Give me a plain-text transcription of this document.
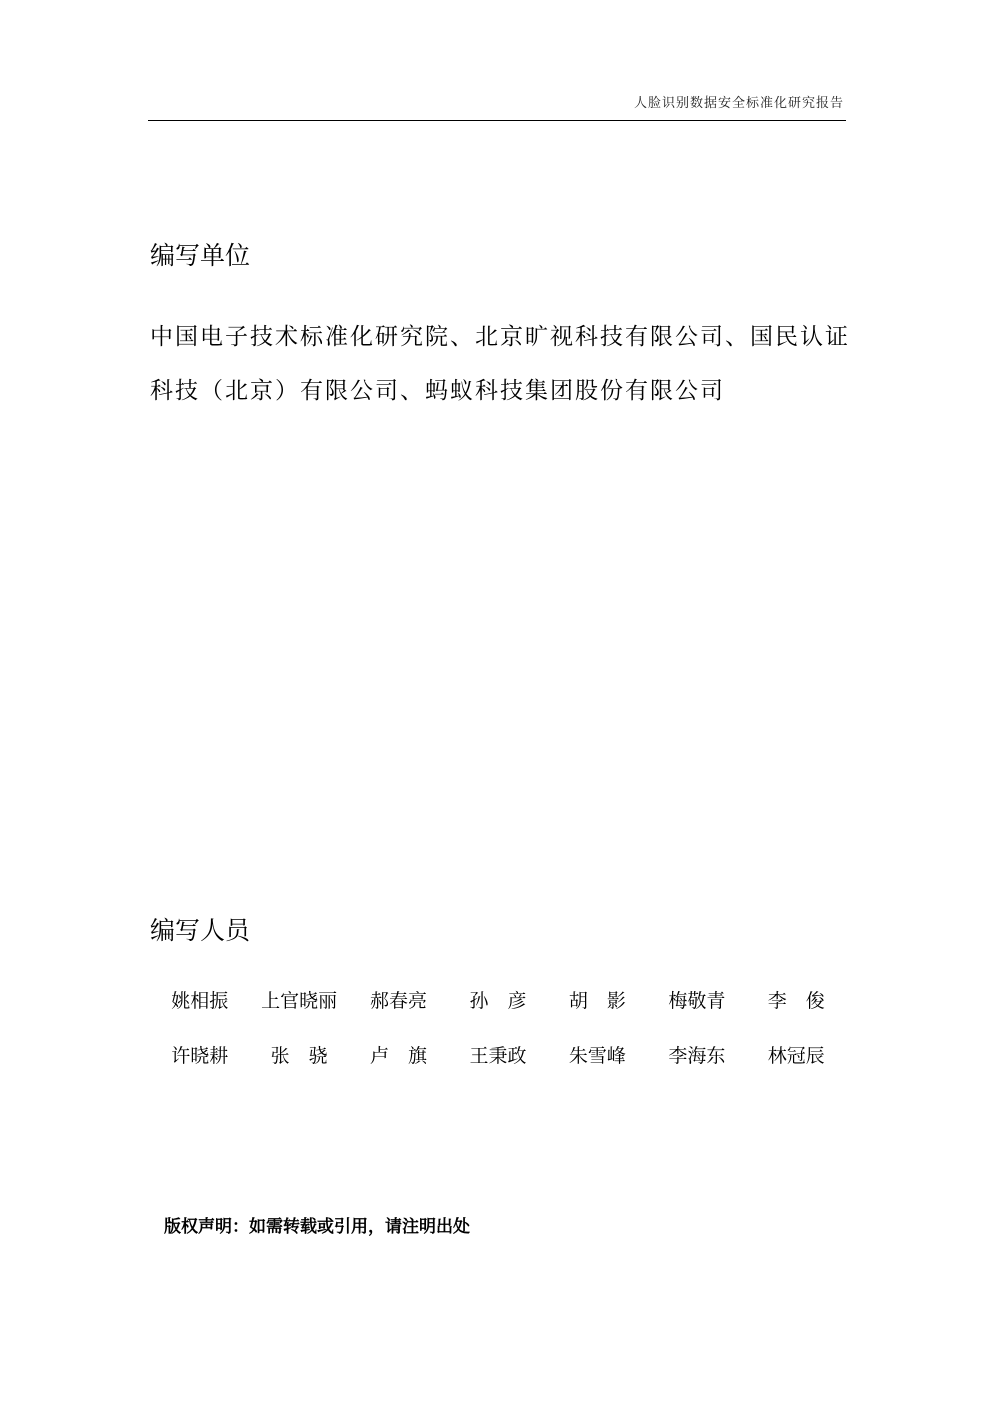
人脸识别数据安全标准化研究报告
编写单位
中国电子技术标准化研究院、北京旷视科技有限公司、国民认证科技（北京）有限公司、蚂蚁科技集团股份有限公司
编写人员
姚相振	上官晓丽	郝春亮	孙　彦	胡　影	梅敬青	李　俊
许晓耕	张　骁	卢　旗	王秉政	朱雪峰	李海东	林冠辰
版权声明：如需转载或引用，请注明出处
